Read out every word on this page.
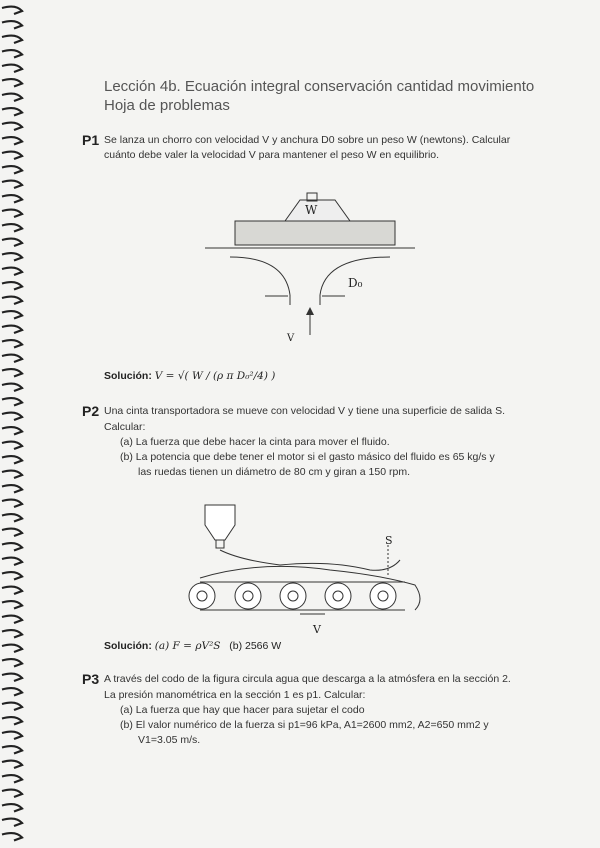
Lección 4b. Ecuación integral conservación cantidad movimiento
Hoja de problemas
P1 Se lanza un chorro con velocidad V y anchura D0 sobre un peso W (newtons). Calcular
cuánto debe valer la velocidad V para mantener el peso W en equilibrio.
W
D₀
V
Solución: V = √( W / (ρ π D₀²/4) )
P2 Una cinta transportadora se mueve con velocidad V y tiene una superficie de salida S.
Calcular:
(a) La fuerza que debe hacer la cinta para mover el fluido.
(b) La potencia que debe tener el motor si el gasto másico del fluido es 65 kg/s y
las ruedas tienen un diámetro de 80 cm y giran a 150 rpm.
S
V
Solución: (a) F = ρV²S (b) 2566 W
P3 A través del codo de la figura circula agua que descarga a la atmósfera en la sección 2.
La presión manométrica en la sección 1 es p1. Calcular:
(a) La fuerza que hay que hacer para sujetar el codo
(b) El valor numérico de la fuerza si p1=96 kPa, A1=2600 mm2, A2=650 mm2 y
V1=3.05 m/s.
